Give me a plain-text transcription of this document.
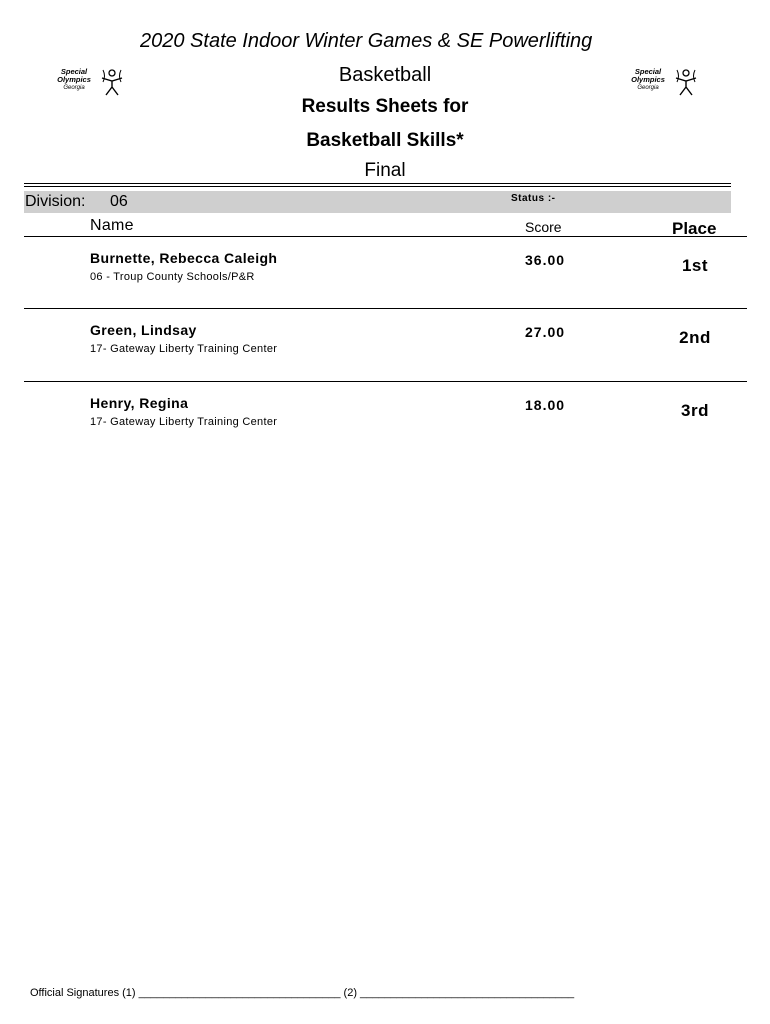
2020 State Indoor Winter Games & SE Powerlifting
Special
Olympics
Georgia
Special
Olympics
Georgia
Basketball
Results Sheets for
Basketball Skills*
Final
Division: 06	Status :-
Name	Score	Place
Burnette, Rebecca Caleigh
06 - Troup County Schools/P&R
36.00	1st
Green, Lindsay
17- Gateway Liberty Training Center
27.00	2nd
Henry, Regina
17- Gateway Liberty Training Center
18.00	3rd
Official Signatures (1) _________________________________ (2) ___________________________________
